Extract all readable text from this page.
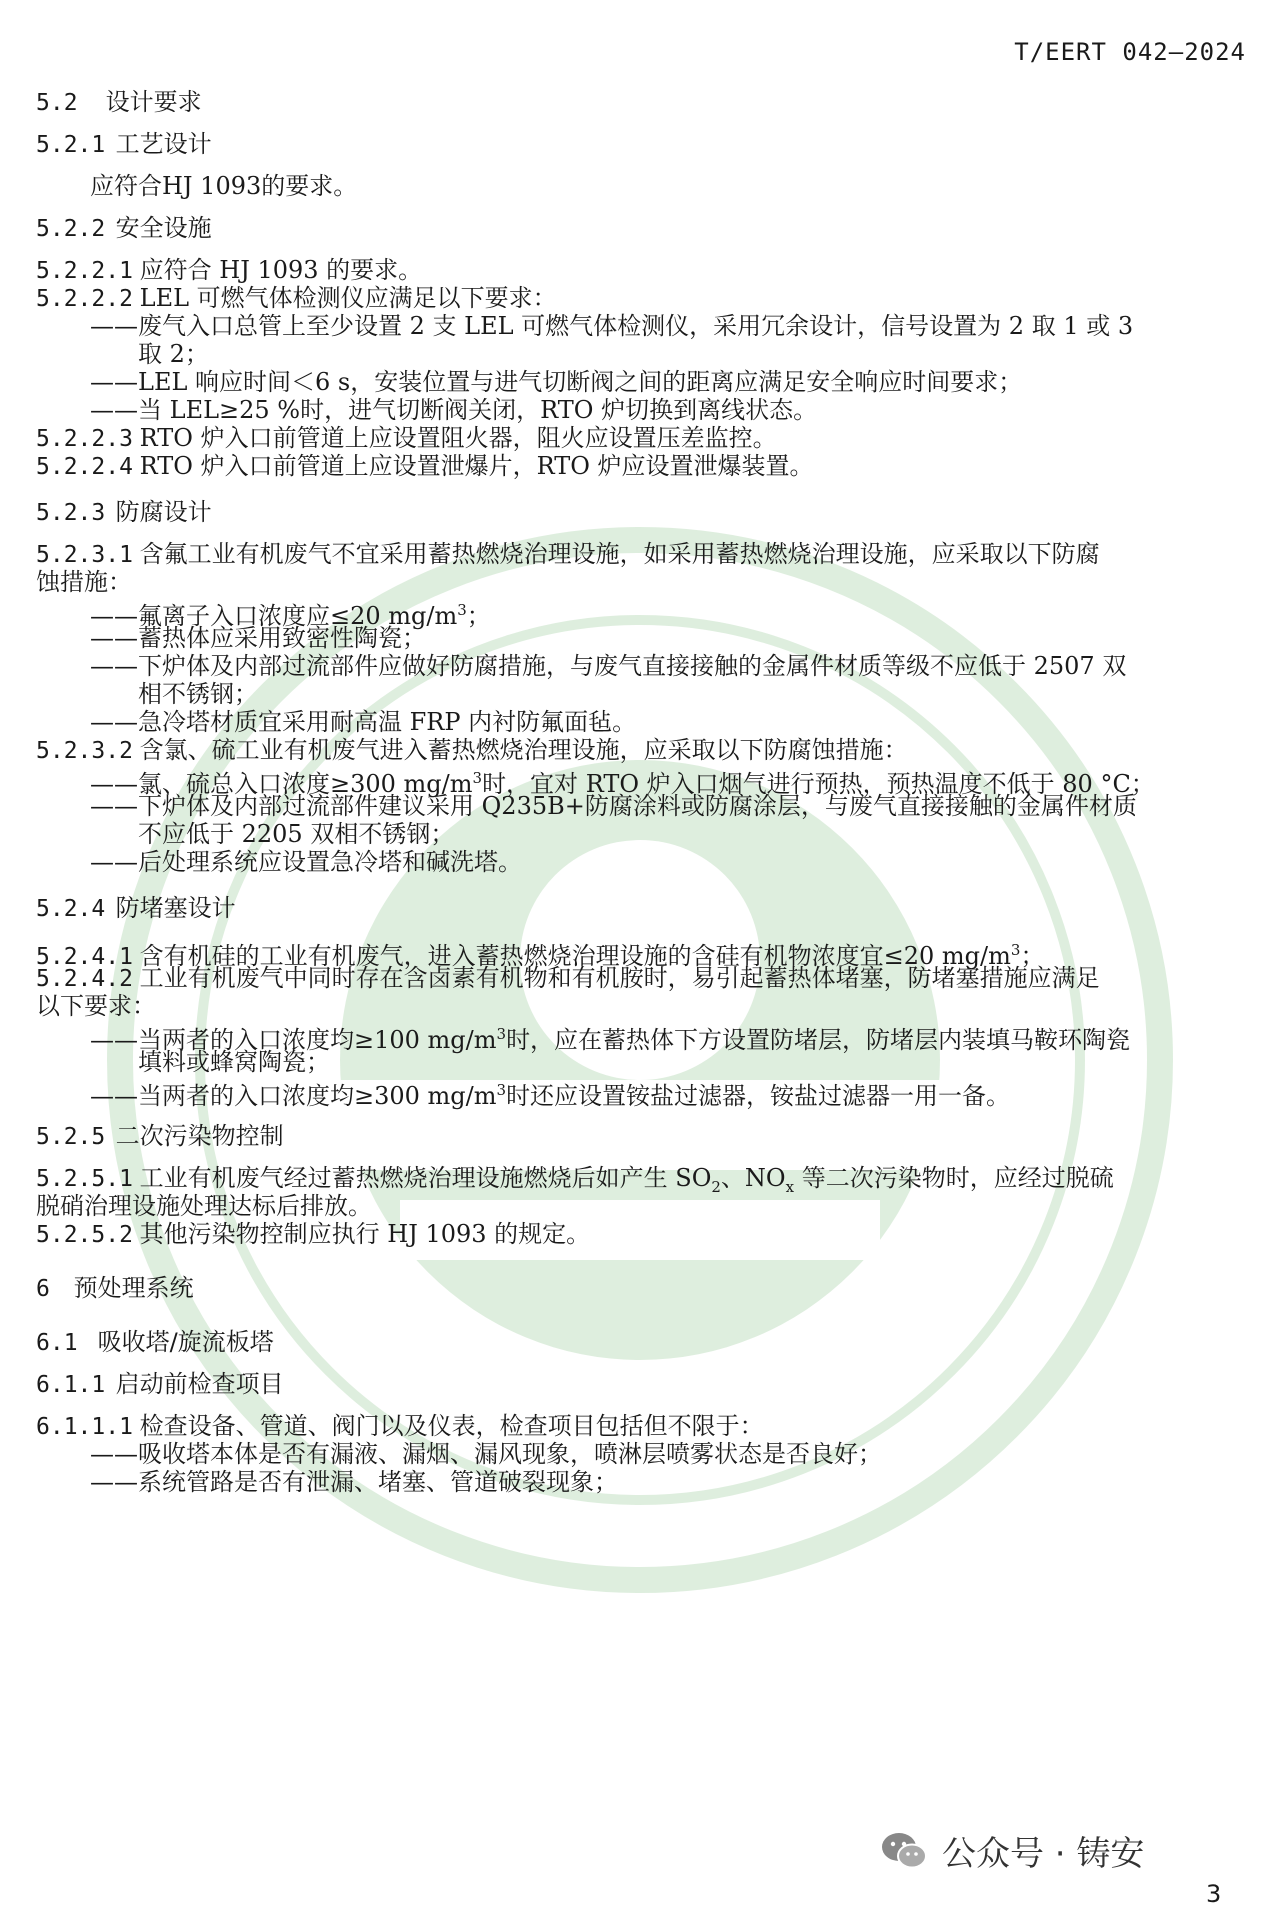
T/EERT 042—2024
5.2 设计要求
5.2.1 工艺设计
应符合HJ 1093的要求。
5.2.2 安全设施
5.2.2.1 应符合 HJ 1093 的要求。
5.2.2.2 LEL 可燃气体检测仪应满足以下要求：
——废气入口总管上至少设置 2 支 LEL 可燃气体检测仪，采用冗余设计，信号设置为 2 取 1 或 3
取 2；
——LEL 响应时间＜6 s，安装位置与进气切断阀之间的距离应满足安全响应时间要求；
——当 LEL≥25 %时，进气切断阀关闭，RTO 炉切换到离线状态。
5.2.2.3 RTO 炉入口前管道上应设置阻火器，阻火应设置压差监控。
5.2.2.4 RTO 炉入口前管道上应设置泄爆片，RTO 炉应设置泄爆装置。
5.2.3 防腐设计
5.2.3.1 含氟工业有机废气不宜采用蓄热燃烧治理设施，如采用蓄热燃烧治理设施，应采取以下防腐
蚀措施：
——氟离子入口浓度应≤20 $mg/m^3$；
——蓄热体应采用致密性陶瓷；
——下炉体及内部过流部件应做好防腐措施，与废气直接接触的金属件材质等级不应低于 2507 双
相不锈钢；
——急冷塔材质宜采用耐高温 FRP 内衬防氟面毡。
5.2.3.2 含氯、硫工业有机废气进入蓄热燃烧治理设施，应采取以下防腐蚀措施：
——氯、硫总入口浓度≥300 $mg/m^3$时，宜对 RTO 炉入口烟气进行预热，预热温度不低于 80 °C；
——下炉体及内部过流部件建议采用 Q235B+防腐涂料或防腐涂层，与废气直接接触的金属件材质
不应低于 2205 双相不锈钢；
——后处理系统应设置急冷塔和碱洗塔。
5.2.4 防堵塞设计
5.2.4.1 含有机硅的工业有机废气，进入蓄热燃烧治理设施的含硅有机物浓度宜≤20 $mg/m^3$；
5.2.4.2 工业有机废气中同时存在含卤素有机物和有机胺时，易引起蓄热体堵塞，防堵塞措施应满足
以下要求：
——当两者的入口浓度均≥100 $mg/m^3$时，应在蓄热体下方设置防堵层，防堵层内装填马鞍环陶瓷
填料或蜂窝陶瓷；
——当两者的入口浓度均≥300 $mg/m^3$时还应设置铵盐过滤器，铵盐过滤器一用一备。
5.2.5 二次污染物控制
5.2.5.1 工业有机废气经过蓄热燃烧治理设施燃烧后如产生 $SO_2$、$NO_x$ 等二次污染物时，应经过脱硫
脱硝治理设施处理达标后排放。
5.2.5.2 其他污染物控制应执行 HJ 1093 的规定。
6 预处理系统
6.1 吸收塔/旋流板塔
6.1.1 启动前检查项目
6.1.1.1 检查设备、管道、阀门以及仪表，检查项目包括但不限于：
——吸收塔本体是否有漏液、漏烟、漏风现象，喷淋层喷雾状态是否良好；
——系统管路是否有泄漏、堵塞、管道破裂现象；
公众号 · 铸安
3
